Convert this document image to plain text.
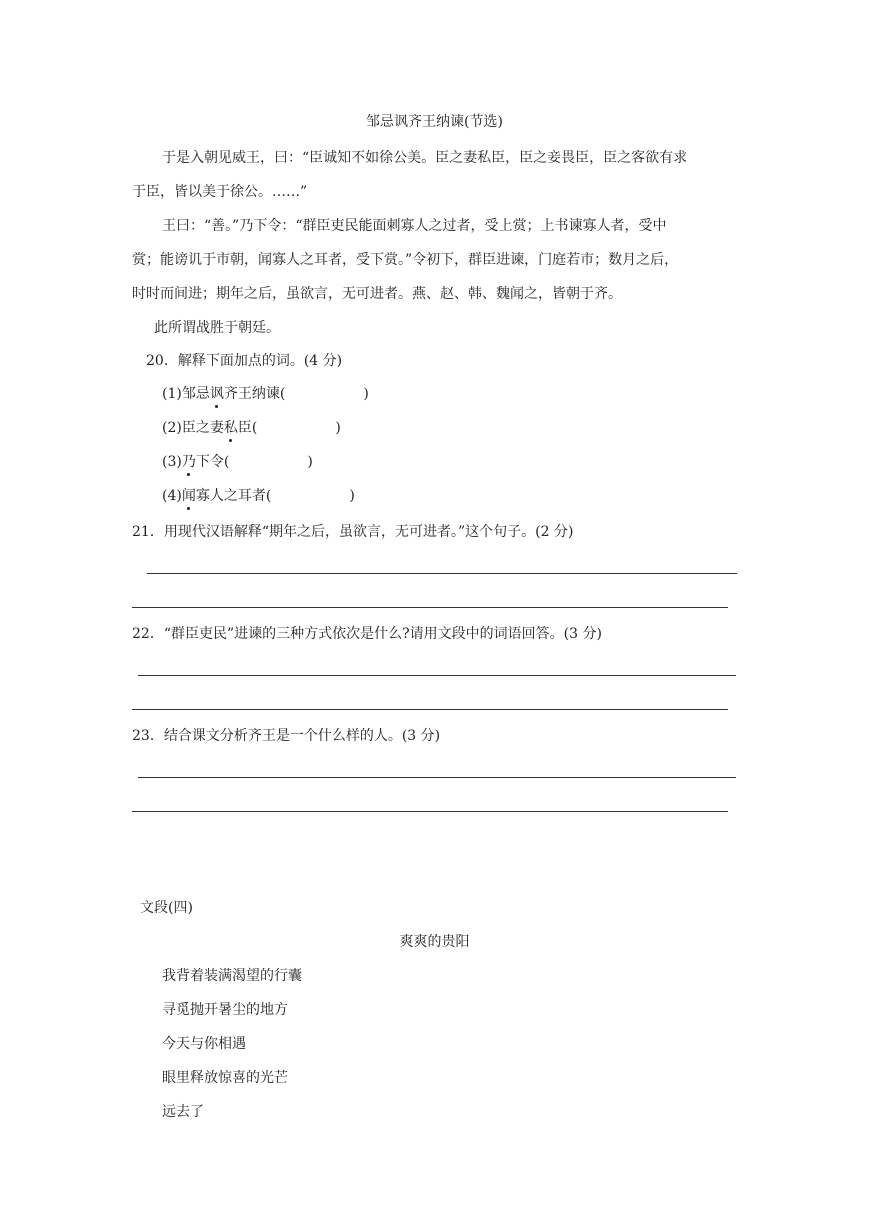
邹忌讽齐王纳谏(节选)
于是入朝见威王，曰：“臣诚知不如徐公美。臣之妻私臣，臣之妾畏臣，臣之客欲有求
于臣，皆以美于徐公。……”
王曰：“善。”乃下令：“群臣吏民能面刺寡人之过者，受上赏；上书谏寡人者，受中
赏；能谤讥于市朝，闻寡人之耳者，受下赏。”令初下，群臣进谏，门庭若市；数月之后，
时时而间进；期年之后，虽欲言，无可进者。燕、赵、韩、魏闻之，皆朝于齐。
此所谓战胜于朝廷。
20．解释下面加点的词。(4 分)
(1)邹忌讽齐王纳谏(	)
(2)臣之妻私臣(	)
(3)乃下令(	)
(4)闻寡人之耳者(	)
21．用现代汉语解释“期年之后，虽欲言，无可进者。”这个句子。(2 分)
22．“群臣吏民”进谏的三种方式依次是什么?请用文段中的词语回答。(3 分)
23．结合课文分析齐王是一个什么样的人。(3 分)
文段(四)
爽爽的贵阳
我背着装满渴望的行囊
寻觅抛开暑尘的地方
今天与你相遇
眼里释放惊喜的光芒
远去了
